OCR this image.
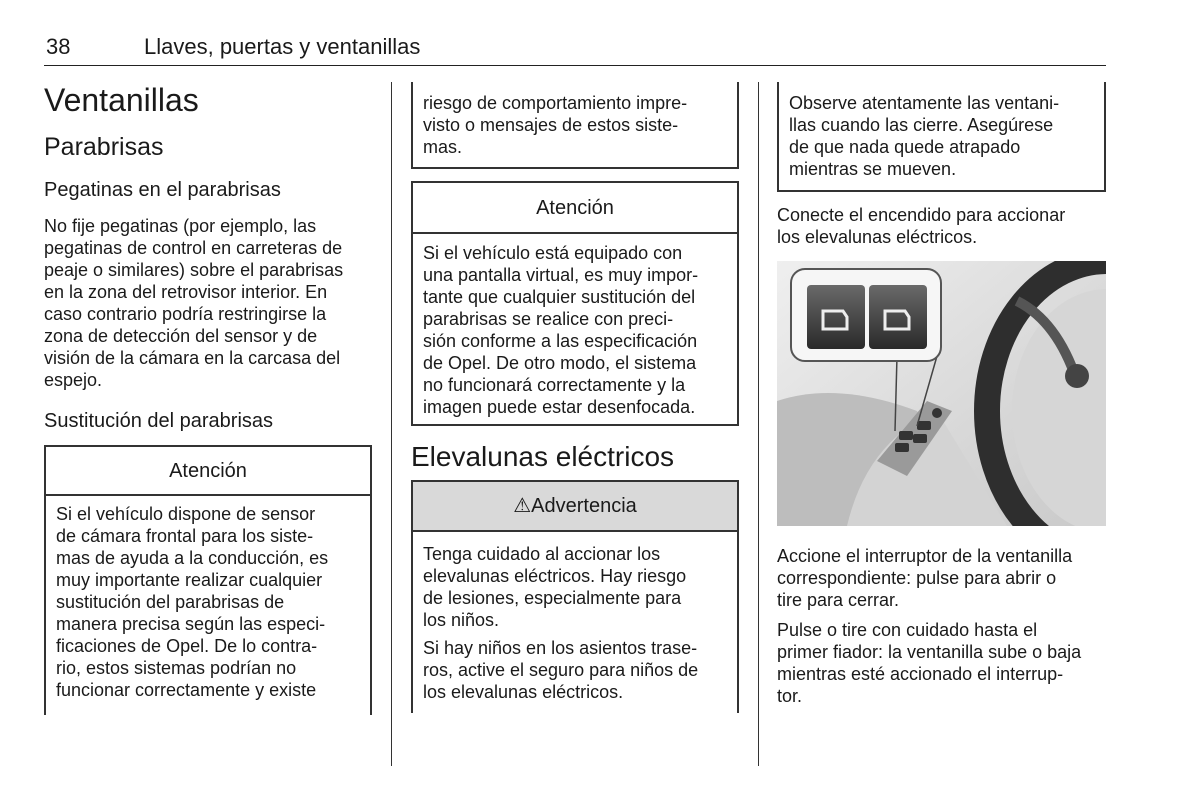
38	Llaves, puertas y ventanillas
Ventanillas
Parabrisas
Pegatinas en el parabrisas
No fije pegatinas (por ejemplo, las
pegatinas de control en carreteras de
peaje o similares) sobre el parabrisas
en la zona del retrovisor interior. En
caso contrario podría restringirse la
zona de detección del sensor y de
visión de la cámara en la carcasa del
espejo.
Sustitución del parabrisas
Atención
Si el vehículo dispone de sensor
de cámara frontal para los siste-
mas de ayuda a la conducción, es
muy importante realizar cualquier
sustitución del parabrisas de
manera precisa según las especi-
ficaciones de Opel. De lo contra-
rio, estos sistemas podrían no
funcionar correctamente y existe
riesgo de comportamiento impre-
visto o mensajes de estos siste-
mas.
Atención
Si el vehículo está equipado con
una pantalla virtual, es muy impor-
tante que cualquier sustitución del
parabrisas se realice con preci-
sión conforme a las especificación
de Opel. De otro modo, el sistema
no funcionará correctamente y la
imagen puede estar desenfocada.
Elevalunas eléctricos
⚠Advertencia
Tenga cuidado al accionar los
elevalunas eléctricos. Hay riesgo
de lesiones, especialmente para
los niños.
Si hay niños en los asientos trase-
ros, active el seguro para niños de
los elevalunas eléctricos.
Observe atentamente las ventani-
llas cuando las cierre. Asegúrese
de que nada quede atrapado
mientras se mueven.
Conecte el encendido para accionar
los elevalunas eléctricos.
Accione el interruptor de la ventanilla
correspondiente: pulse para abrir o
tire para cerrar.
Pulse o tire con cuidado hasta el
primer fiador: la ventanilla sube o baja
mientras esté accionado el interrup-
tor.
